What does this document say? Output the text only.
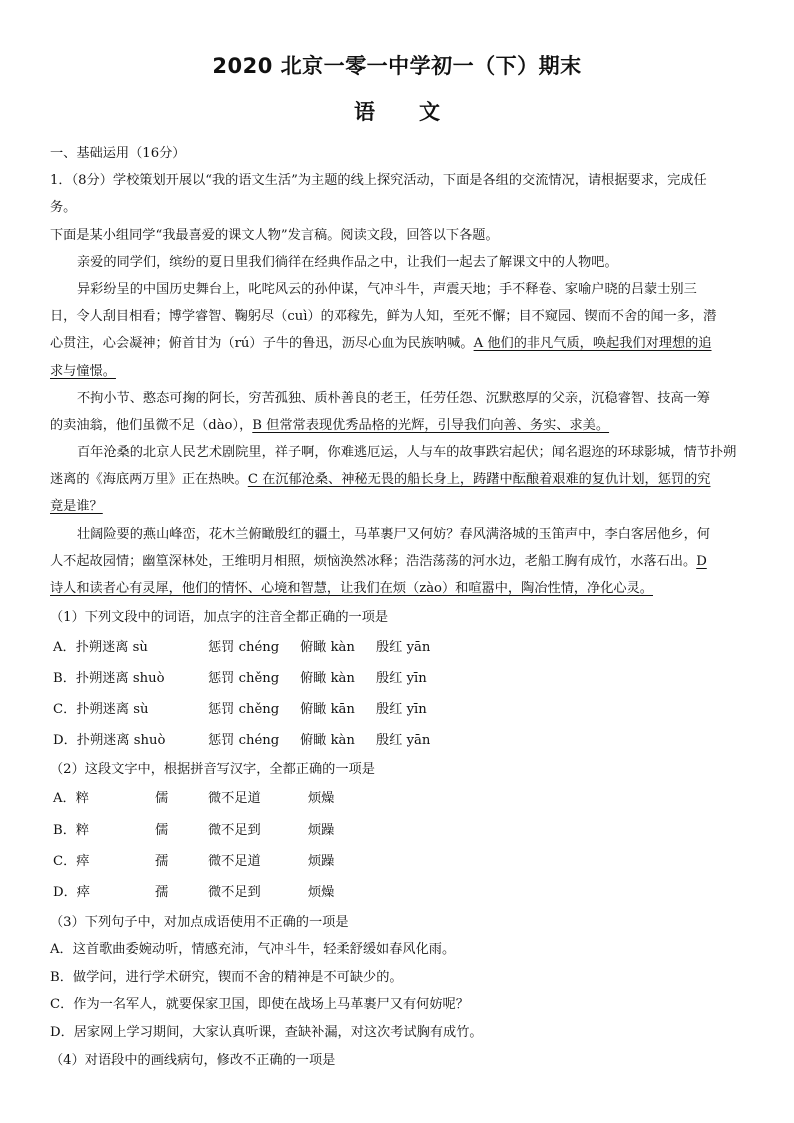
2020 北京一零一中学初一（下）期末
语 文
一、基础运用（16分）
1．（8分）学校策划开展以“我的语文生活”为主题的线上探究活动，下面是各组的交流情况，请根据要求，完成任
务。
下面是某小组同学“我最喜爱的课文人物”发言稿。阅读文段，回答以下各题。
亲爱的同学们，缤纷的夏日里我们徜徉在经典作品之中，让我们一起去了解课文中的人物吧。
异彩纷呈的中国历史舞台上，叱咤风云的孙仲谋，气冲斗牛，声震天地；手不释卷、家喻户晓的吕蒙士别三
日，令人刮目相看；博学睿智、鞠躬尽（cuì）的邓稼先，鲜为人知，至死不懈；目不窥园、锲而不舍的闻一多，潜
心贯注，心会凝神；俯首甘为（rú）子牛的鲁迅，沥尽心血为民族呐喊。A 他们的非凡气质，唤起我们对理想的追
求与憧憬。
不拘小节、憨态可掬的阿长，穷苦孤独、质朴善良的老王，任劳任怨、沉默憨厚的父亲，沉稳睿智、技高一筹
的卖油翁，他们虽微不足（dào），B 但常常表现优秀品格的光辉，引导我们向善、务实、求美。
百年沧桑的北京人民艺术剧院里，祥子啊，你难逃厄运，人与车的故事跌宕起伏；闻名遐迩的环球影城，情节扑朔
迷离的《海底两万里》正在热映。C 在沉郁沧桑、神秘无畏的船长身上，踌躇中酝酿着艰难的复仇计划，惩罚的究
竟是谁？
壮阔险要的燕山峰峦，花木兰俯瞰殷红的疆土，马革裹尸又何妨？春风满洛城的玉笛声中，李白客居他乡，何
人不起故园情；幽篁深林处，王维明月相照，烦恼涣然冰释；浩浩荡荡的河水边，老船工胸有成竹，水落石出。D
诗人和读者心有灵犀，他们的情怀、心境和智慧，让我们在烦（zào）和喧嚣中，陶冶性情，净化心灵。
（1）下列文段中的词语，加点字的注音全都正确的一项是
A．扑朔迷离 sù	惩罚 chéng	俯瞰 kàn	殷红 yān
B．扑朔迷离 shuò	惩罚 chěng	俯瞰 kàn	殷红 yīn
C．扑朔迷离 sù	惩罚 chěng	俯瞰 kān	殷红 yīn
D．扑朔迷离 shuò	惩罚 chéng	俯瞰 kàn	殷红 yān
（2）这段文字中，根据拼音写汉字，全都正确的一项是
A．粹	儒	微不足道	烦燥
B．粹	儒	微不足到	烦躁
C．瘁	孺	微不足道	烦躁
D．瘁	孺	微不足到	烦燥
（3）下列句子中，对加点成语使用不正确的一项是
A．这首歌曲委婉动听，情感充沛，气冲斗牛，轻柔舒缓如春风化雨。
B．做学问，进行学术研究，锲而不舍的精神是不可缺少的。
C．作为一名军人，就要保家卫国，即使在战场上马革裹尸又有何妨呢？
D．居家网上学习期间，大家认真听课，查缺补漏，对这次考试胸有成竹。
（4）对语段中的画线病句，修改不正确的一项是
